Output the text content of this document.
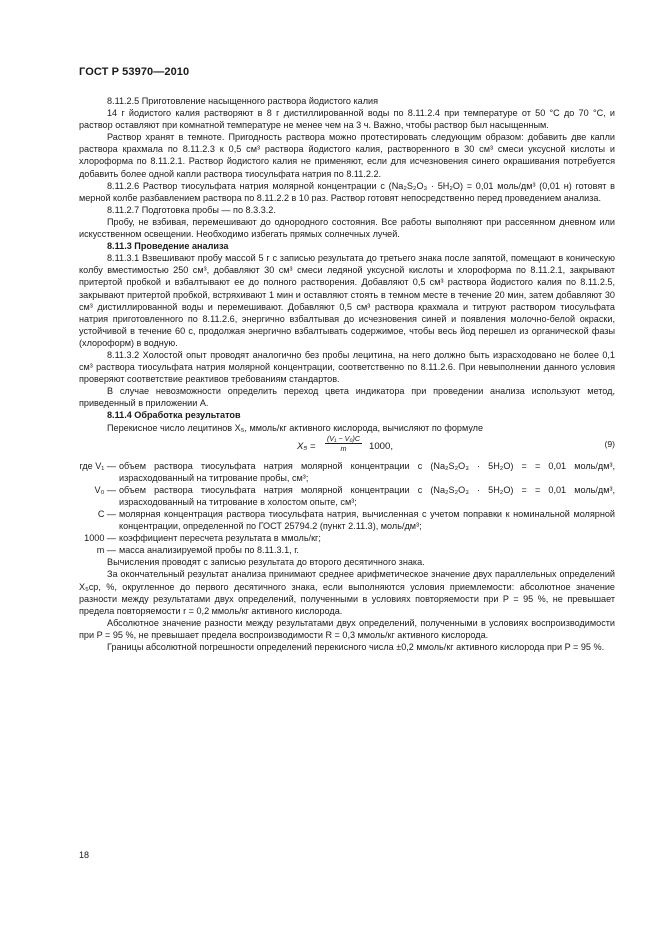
ГОСТ Р 53970—2010

8.11.2.5 Приготовление насыщенного раствора йодистого калия

14 г йодистого калия растворяют в 8 г дистиллированной воды по 8.11.2.4 при температуре от 50 °С до 70 °С, и раствор оставляют при комнатной температуре не менее чем на 3 ч. Важно, чтобы раствор был насыщенным.

Раствор хранят в темноте. Пригодность раствора можно протестировать следующим образом: добавить две капли раствора крахмала по 8.11.2.3 к 0,5 см³ раствора йодистого калия, растворенного в 30 см³ смеси уксусной кислоты и хлороформа по 8.11.2.1. Раствор йодистого калия не применяют, если для исчезновения синего окрашивания потребуется добавить более одной капли раствора тиосульфата натрия по 8.11.2.2.

8.11.2.6 Раствор тиосульфата натрия молярной концентрации c (Na₂S₂O₃ · 5H₂O) = 0,01 моль/дм³ (0,01 н) готовят в мерной колбе разбавлением раствора по 8.11.2.2 в 10 раз. Раствор готовят непосредственно перед проведением анализа.

8.11.2.7 Подготовка пробы — по 8.3.3.2.

Пробу, не взбивая, перемешивают до однородного состояния. Все работы выполняют при рассеянном дневном или искусственном освещении. Необходимо избегать прямых солнечных лучей.

8.11.3 Проведение анализа

8.11.3.1 Взвешивают пробу массой 5 г с записью результата до третьего знака после запятой, помещают в коническую колбу вместимостью 250 см³, добавляют 30 см³ смеси ледяной уксусной кислоты и хлороформа по 8.11.2.1, закрывают притертой пробкой и взбалтывают ее до полного растворения. Добавляют 0,5 см³ раствора йодистого калия по 8.11.2.5, закрывают притертой пробкой, встряхивают 1 мин и оставляют стоять в темном месте в течение 20 мин, затем добавляют 30 см³ дистиллированной воды и перемешивают. Добавляют 0,5 см³ раствора крахмала и титруют раствором тиосульфата натрия приготовленного по 8.11.2.6, энергично взбалтывая до исчезновения синей и появления молочно-белой окраски, устойчивой в течение 60 с, продолжая энергично взбалтывать содержимое, чтобы весь йод перешел из органической фазы (хлороформ) в водную.

8.11.3.2 Холостой опыт проводят аналогично без пробы лецитина, на него должно быть израсходовано не более 0,1 см³ раствора тиосульфата натрия молярной концентрации, соответственно по 8.11.2.6. При невыполнении данного условия проверяют соответствие реактивов требованиям стандартов.

В случае невозможности определить переход цвета индикатора при проведении анализа используют метод, приведенный в приложении А.

8.11.4 Обработка результатов

Перекисное число лецитинов X₅, ммоль/кг активного кислорода, вычисляют по формуле

$X_5 = \frac{\text{(V₁ − V₀)C}}{m} 1000$,	(9)
где V₁ — объем раствора тиосульфата натрия молярной концентрации c (Na₂S₂O₃ · 5H₂O) = = 0,01 моль/дм³, израсходованный на титрование пробы, см³;
V₀ — объем раствора тиосульфата натрия молярной концентрации c (Na₂S₂O₃ · 5H₂O) = = 0,01 моль/дм³, израсходованный на титрование в холостом опыте, см³;
C — молярная концентрация раствора тиосульфата натрия, вычисленная с учетом поправки к номинальной молярной концентрации, определенной по ГОСТ 25794.2 (пункт 2.11.3), моль/дм³;
1000 — коэффициент пересчета результата в ммоль/кг;
m — масса анализируемой пробы по 8.11.3.1, г.

Вычисления проводят с записью результата до второго десятичного знака.

За окончательный результат анализа принимают среднее арифметическое значение двух параллельных определений X₅ср, %, округленное до первого десятичного знака, если выполняются условия приемлемости: абсолютное значение разности между результатами двух определений, полученными в условиях повторяемости при P = 95 %, не превышает предела повторяемости r = 0,2 ммоль/кг активного кислорода.

Абсолютное значение разности между результатами двух определений, полученными в условиях воспроизводимости при P = 95 %, не превышает предела воспроизводимости R = 0,3 ммоль/кг активного кислорода.

Границы абсолютной погрешности определений перекисного числа ±0,2 ммоль/кг активного кислорода при P = 95 %.

18
